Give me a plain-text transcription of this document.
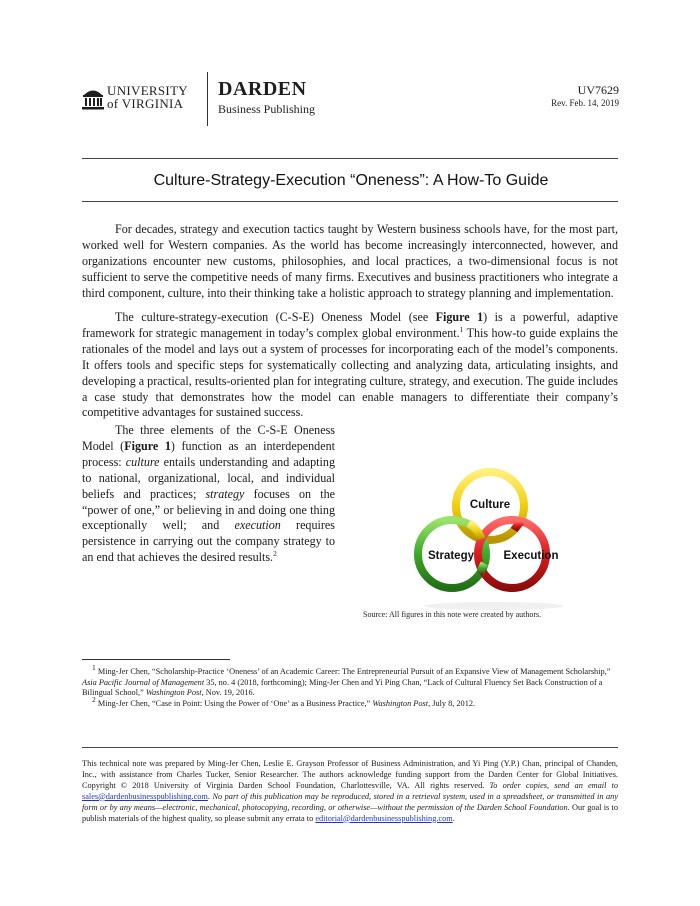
UNIVERSITY
of VIRGINIA
DARDEN
Business Publishing
UV7629
Rev. Feb. 14, 2019
Culture-Strategy-Execution “Oneness”: A How-To Guide

For decades, strategy and execution tactics taught by Western business schools have, for the most part, worked well for Western companies. As the world has become increasingly interconnected, however, and organizations encounter new customs, philosophies, and local practices, a two-dimensional focus is not sufficient to serve the competitive needs of many firms. Executives and business practitioners who integrate a third component, culture, into their thinking take a holistic approach to strategy planning and implementation.

The culture-strategy-execution (C-S-E) Oneness Model (see Figure 1) is a powerful, adaptive framework for strategic management in today’s complex global environment.$^1$ This how-to guide explains the rationales of the model and lays out a system of processes for incorporating each of the model’s components. It offers tools and specific steps for systematically collecting and analyzing data, articulating insights, and developing a practical, results-oriented plan for integrating culture, strategy, and execution. The guide includes a case study that demonstrates how the model can enable managers to differentiate their company’s competitive advantages for sustained success.

The three elements of the C-S-E Oneness Model (Figure 1) function as an interdependent process: culture entails understanding and adapting to national, organizational, local, and individual beliefs and practices; strategy focuses on the “power of one,” or believing in and doing one thing exceptionally well; and execution requires persistence in carrying out the company strategy to an end that achieves the desired results.$^2$

Culture
Strategy	Execution
Source: All figures in this note were created by authors.

$^1$ Ming-Jer Chen, “Scholarship-Practice ‘Oneness’ of an Academic Career: The Entrepreneurial Pursuit of an Expansive View of Management Scholarship,” Asia Pacific Journal of Management 35, no. 4 (2018, forthcoming); Ming-Jer Chen and Yi Ping Chan, “Lack of Cultural Fluency Set Back Construction of a Bilingual School,” Washington Post, Nov. 19, 2016.

$^2$ Ming-Jer Chen, “Case in Point: Using the Power of ‘One’ as a Business Practice,” Washington Post, July 8, 2012.

This technical note was prepared by Ming-Jer Chen, Leslie E. Grayson Professor of Business Administration, and Yi Ping (Y.P.) Chan, principal of Chanden, Inc., with assistance from Charles Tucker, Senior Researcher. The authors acknowledge funding support from the Darden Center for Global Initiatives. Copyright © 2018 University of Virginia Darden School Foundation, Charlottesville, VA. All rights reserved. To order copies, send an email to sales@dardenbusinesspublishing.com. No part of this publication may be reproduced, stored in a retrieval system, used in a spreadsheet, or transmitted in any form or by any means—electronic, mechanical, photocopying, recording, or otherwise—without the permission of the Darden School Foundation. Our goal is to publish materials of the highest quality, so please submit any errata to editorial@dardenbusinesspublishing.com.
